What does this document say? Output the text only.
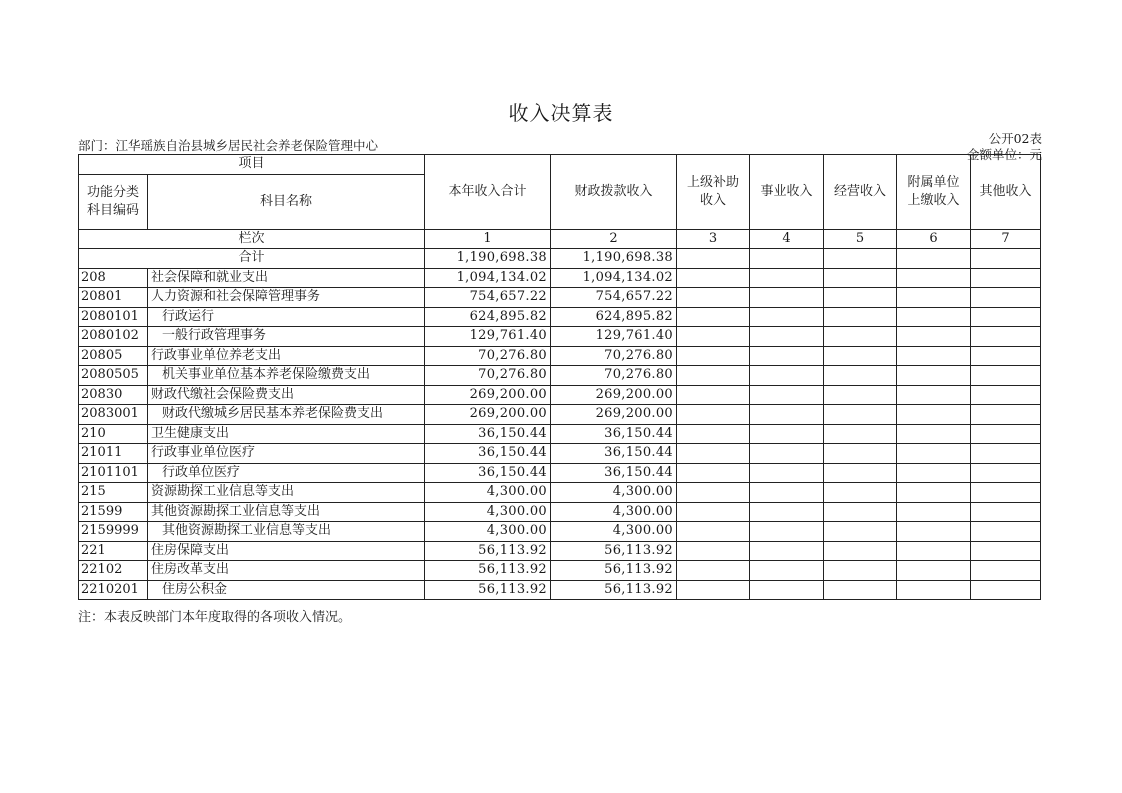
收入决算表
部门：江华瑶族自治县城乡居民社会养老保险管理中心	公开02表
金额单位：元
项目		本年收入合计	财政拨款收入	上级补助收入	事业收入	经营收入	附属单位上缴收入	其他收入

功能分类科目编码	科目名称							

栏次		1	2	3	4	5	6	7
合计		1,190,698.38	1,190,698.38					
208	社会保障和就业支出	1,094,134.02	1,094,134.02					
20801	人力资源和社会保障管理事务	754,657.22	754,657.22					
2080101	行政运行	624,895.82	624,895.82					
2080102	一般行政管理事务	129,761.40	129,761.40					
20805	行政事业单位养老支出	70,276.80	70,276.80					
2080505	机关事业单位基本养老保险缴费支出	70,276.80	70,276.80					
20830	财政代缴社会保险费支出	269,200.00	269,200.00					
2083001	财政代缴城乡居民基本养老保险费支出	269,200.00	269,200.00					
210	卫生健康支出	36,150.44	36,150.44					
21011	行政事业单位医疗	36,150.44	36,150.44					
2101101	行政单位医疗	36,150.44	36,150.44					
215	资源勘探工业信息等支出	4,300.00	4,300.00					
21599	其他资源勘探工业信息等支出	4,300.00	4,300.00					
2159999	其他资源勘探工业信息等支出	4,300.00	4,300.00					
221	住房保障支出	56,113.92	56,113.92					
22102	住房改革支出	56,113.92	56,113.92					
2210201	住房公积金	56,113.92	56,113.92					
注：本表反映部门本年度取得的各项收入情况。
